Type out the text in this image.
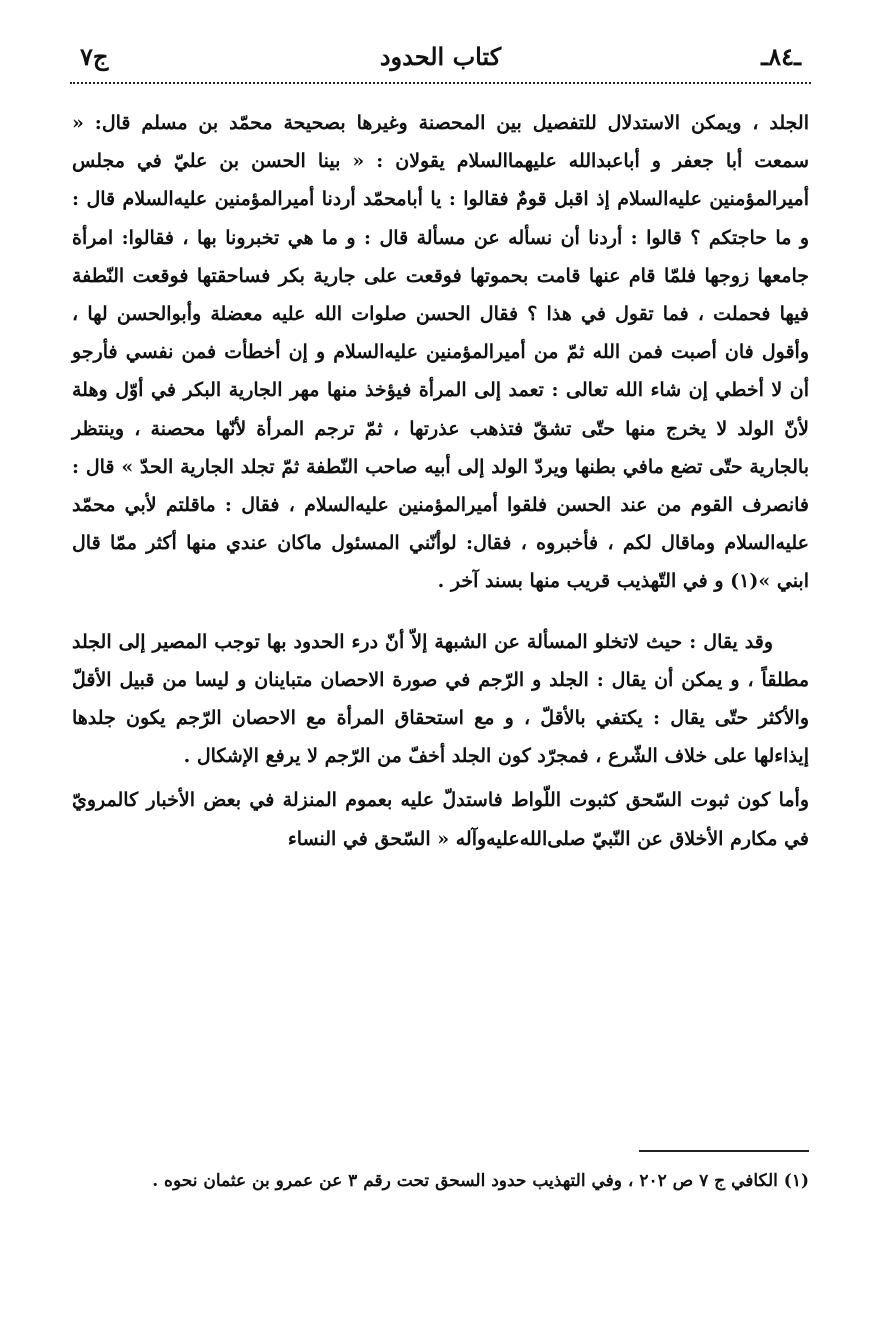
ـ٨٤ـ
كتاب الحدود
ج٧

الجلد ، ويمكن الاستدلال للتفصيل بين المحصنة وغيرها بصحيحة محمّد بن مسلم قال: « سمعت أبا جعفر و أباعبدالله عليهما‌السلام يقولان : « بينا الحسن بن عليّ في مجلس أميرالمؤمنين عليه‌السلام إذ اقبل قومٌ فقالوا : يا أبامحمّد أردنا أميرالمؤمنين عليه‌السلام قال : و ما حاجتكم ؟ قالوا : أردنا أن نسأله عن مسألة قال : و ما هي تخبرونا بها ، فقالوا: امرأة جامعها زوجها فلمّا قام عنها قامت بحموتها فوقعت على جارية بكر فساحقتها فوقعت النّطفة فيها فحملت ، فما تقول في هذا ؟ فقال الحسن صلوات الله عليه معضلة وأبوالحسن لها ، وأقول فان أصبت فمن الله ثمّ من أميرالمؤمنين عليه‌السلام و إن أخطأت فمن نفسي فأرجو أن لا أخطي إن شاء الله تعالى : تعمد إلى المرأة فيؤخذ منها مهر الجارية البكر في أوّل وهلة لأنّ الولد لا يخرج منها حتّى تشقّ فتذهب عذرتها ، ثمّ ترجم المرأة لأنّها محصنة ، وينتظر بالجارية حتّى تضع مافي بطنها ويردّ الولد إلى أبيه صاحب النّطفة ثمّ تجلد الجارية الحدّ » قال : فانصرف القوم من عند الحسن فلقوا أميرالمؤمنين عليه‌السلام ، فقال : ماقلتم لأبي محمّد عليه‌السلام وماقال لكم ، فأخبروه ، فقال: لوأنّني المسئول ماكان عندي منها أكثر ممّا قال ابني »(١) و في التّهذيب قريب منها بسند آخر .

وقد يقال : حيث لاتخلو المسألة عن الشبهة إلاّ أنّ درء الحدود بها توجب المصير إلى الجلد مطلقاً ، و يمكن أن يقال : الجلد و الرّجم في صورة الاحصان متباينان و ليسا من قبيل الأقلّ والأكثر حتّى يقال : يكتفي بالأقلّ ، و مع استحقاق المرأة مع الاحصان الرّجم يكون جلدها إيذاءلها على خلاف الشّرع ، فمجرّد كون الجلد أخفّ من الرّجم لا يرفع الإشكال .

وأما كون ثبوت السّحق كثبوت اللّواط فاستدلّ عليه بعموم المنزلة في بعض الأخبار كالمرويّ في مكارم الأخلاق عن النّبيّ صلى‌الله‌عليه‌وآله « السّحق في النساء

(١) الكافي ج ٧ ص ٢٠٢ ، وفي التهذيب حدود السحق تحت رقم ٣ عن عمرو بن عثمان نحوه .
